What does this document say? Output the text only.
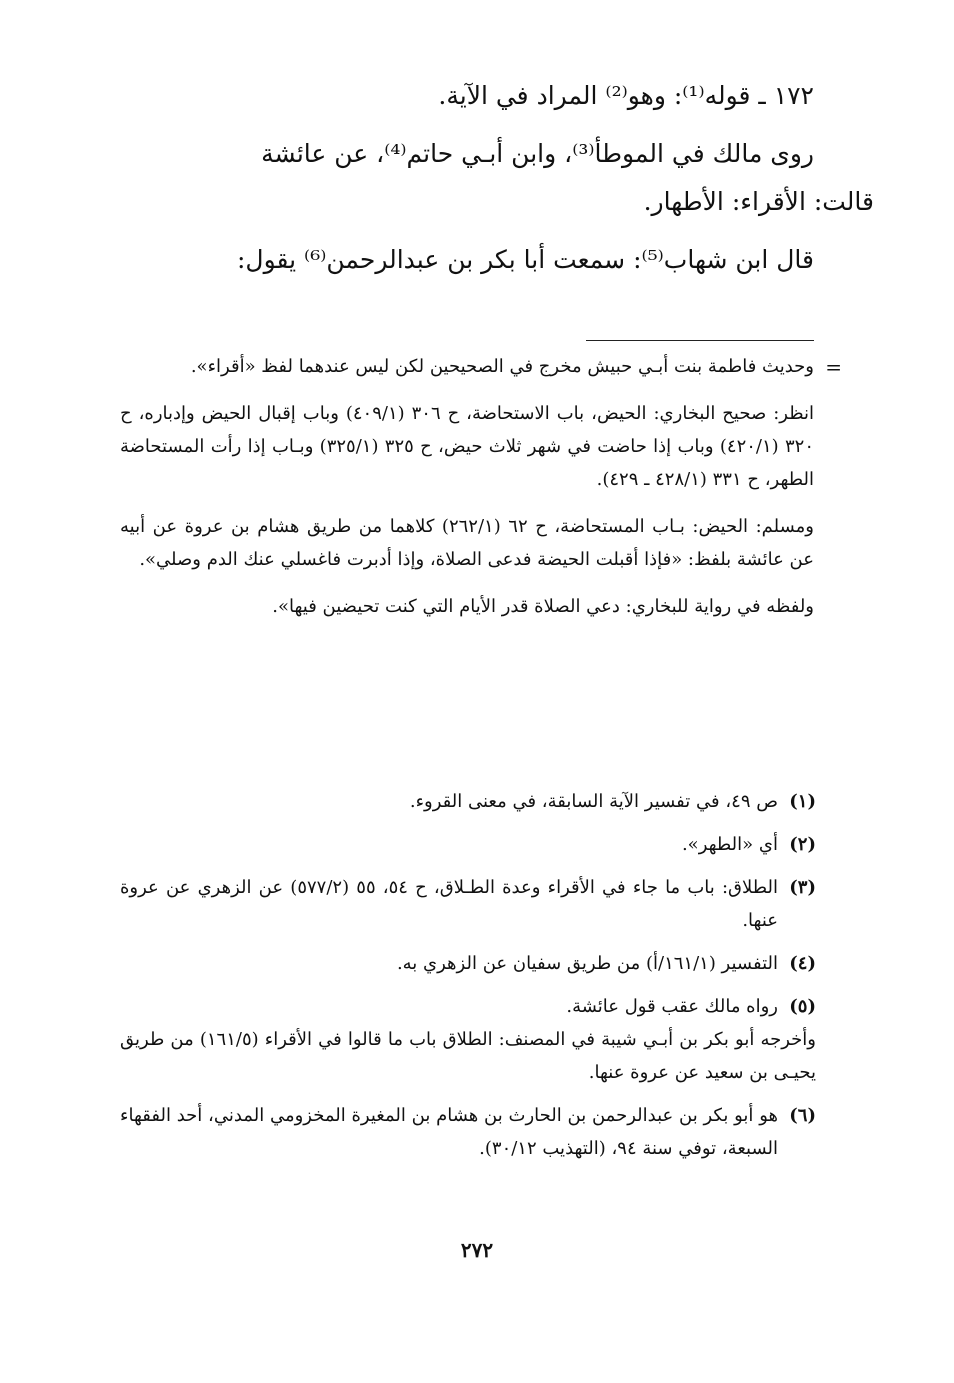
١٧٢ ـ قوله⁽¹⁾: وهو⁽²⁾ المراد في الآية.

روى مالك في الموطأ⁽³⁾، وابن أبـي حاتم⁽⁴⁾، عن عائشة
قالت: الأقراء: الأطهار.

قال ابن شهاب⁽⁵⁾: سمعت أبا بكر بن عبدالرحمن⁽⁶⁾ يقول:

=

وحديث فاطمة بنت أبـي حبيش مخرج في الصحيحين لكن ليس عندهما لفظ «أقراء».

انظر: صحيح البخاري: الحيض، باب الاستحاضة، ح ٣٠٦ (٤٠٩/١) وباب إقبال الحيض وإدباره، ح ٣٢٠ (٤٢٠/١) وباب إذا حاضت في شهر ثلاث حيض، ح ٣٢٥ (٣٢٥/١) وبـاب إذا رأت المستحاضة الطهر، ح ٣٣١ (٤٢٨/١ ـ ٤٢٩).

ومسلم: الحيض: بـاب المستحاضة، ح ٦٢ (٢٦٢/١) كلاهما من طريق هشام بن عروة عن أبيه عن عائشة بلفظ: «فإذا أقبلت الحيضة فدعى الصلاة، وإذا أدبرت فاغسلي عنك الدم وصلي».

ولفظه في رواية للبخاري: دعي الصلاة قدر الأيام التي كنت تحيضين فيها».

(١)
ص ٤٩، في تفسير الآية السابقة، في معنى القروء.
(٢)
أي «الطهر».
(٣)
الطلاق: باب ما جاء في الأقراء وعدة الطـلاق، ح ٥٤، ٥٥ (٥٧٧/٢) عن الزهري عن عروة عنها.
(٤)
التفسير (١٦١/١/أ) من طريق سفيان عن الزهري به.
(٥)
رواه مالك عقب قول عائشة.
وأخرجه أبو بكر بن أبـي شيبة في المصنف: الطلاق باب ما قالوا في الأقراء (١٦١/٥) من طريق يحيـى بن سعيد عن عروة عنها.
(٦)
هو أبو بكر بن عبدالرحمن بن الحارث بن هشام بن المغيرة المخزومي المدني، أحد الفقهاء السبعة، توفي سنة ٩٤، (التهذيب ٣٠/١٢).
٢٧٢
